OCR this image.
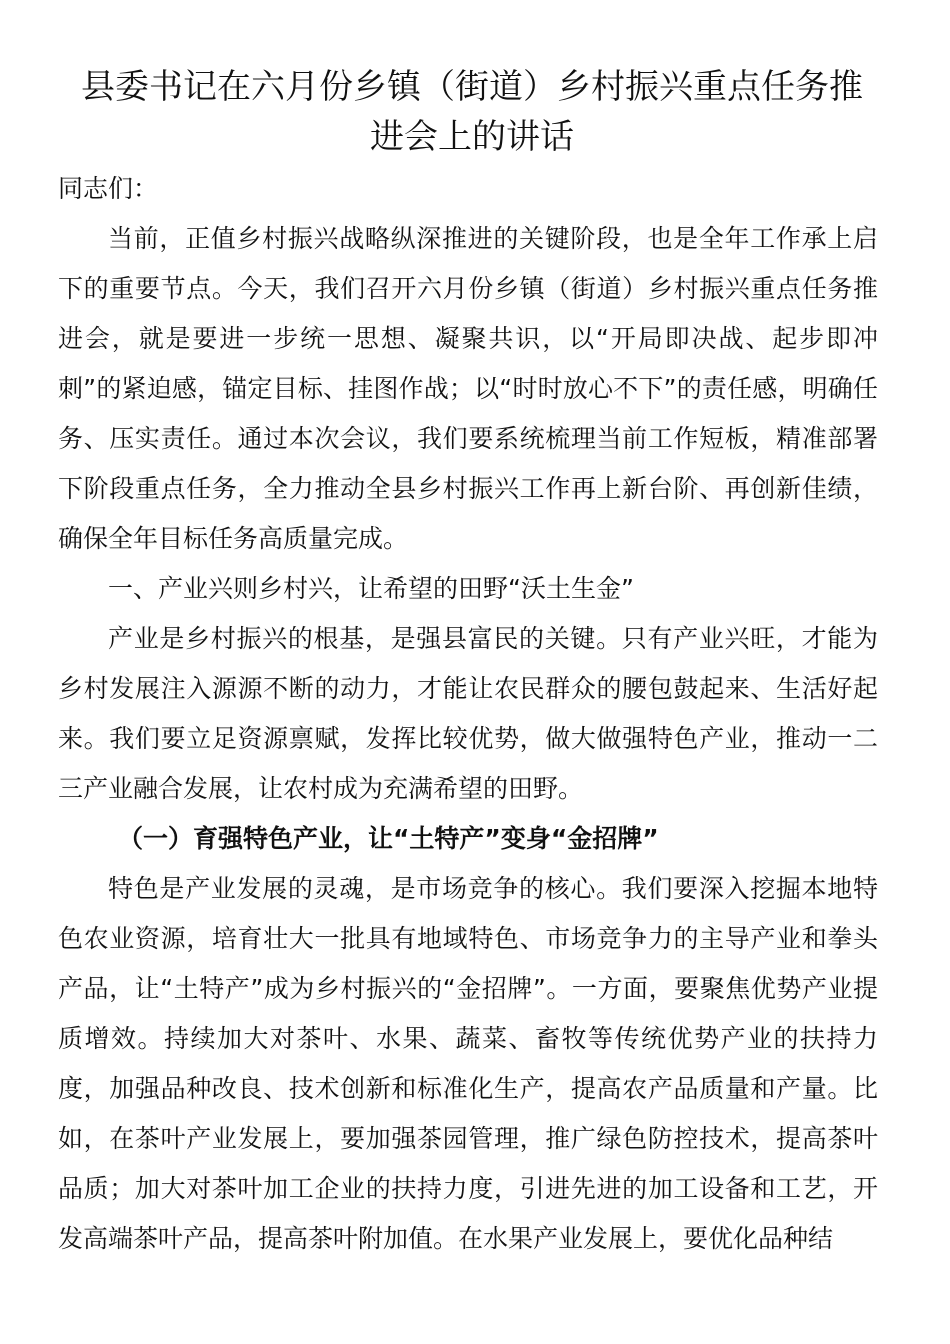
县委书记在六月份乡镇（街道）乡村振兴重点任务推进会上的讲话

同志们：

当前，正值乡村振兴战略纵深推进的关键阶段，也是全年工作承上启下的重要节点。今天，我们召开六月份乡镇（街道）乡村振兴重点任务推进会，就是要进一步统一思想、凝聚共识，以“开局即决战、起步即冲刺”的紧迫感，锚定目标、挂图作战；以“时时放心不下”的责任感，明确任务、压实责任。通过本次会议，我们要系统梳理当前工作短板，精准部署下阶段重点任务，全力推动全县乡村振兴工作再上新台阶、再创新佳绩，确保全年目标任务高质量完成。

一、产业兴则乡村兴，让希望的田野“沃土生金”

产业是乡村振兴的根基，是强县富民的关键。只有产业兴旺，才能为乡村发展注入源源不断的动力，才能让农民群众的腰包鼓起来、生活好起来。我们要立足资源禀赋，发挥比较优势，做大做强特色产业，推动一二三产业融合发展，让农村成为充满希望的田野。

（一）育强特色产业，让“土特产”变身“金招牌”

特色是产业发展的灵魂，是市场竞争的核心。我们要深入挖掘本地特色农业资源，培育壮大一批具有地域特色、市场竞争力的主导产业和拳头产品，让“土特产”成为乡村振兴的“金招牌”。一方面，要聚焦优势产业提质增效。持续加大对茶叶、水果、蔬菜、畜牧等传统优势产业的扶持力度，加强品种改良、技术创新和标准化生产，提高农产品质量和产量。比如，在茶叶产业发展上，要加强茶园管理，推广绿色防控技术，提高茶叶品质；加大对茶叶加工企业的扶持力度，引进先进的加工设备和工艺，开发高端茶叶产品，提高茶叶附加值。在水果产业发展上，要优化品种结
